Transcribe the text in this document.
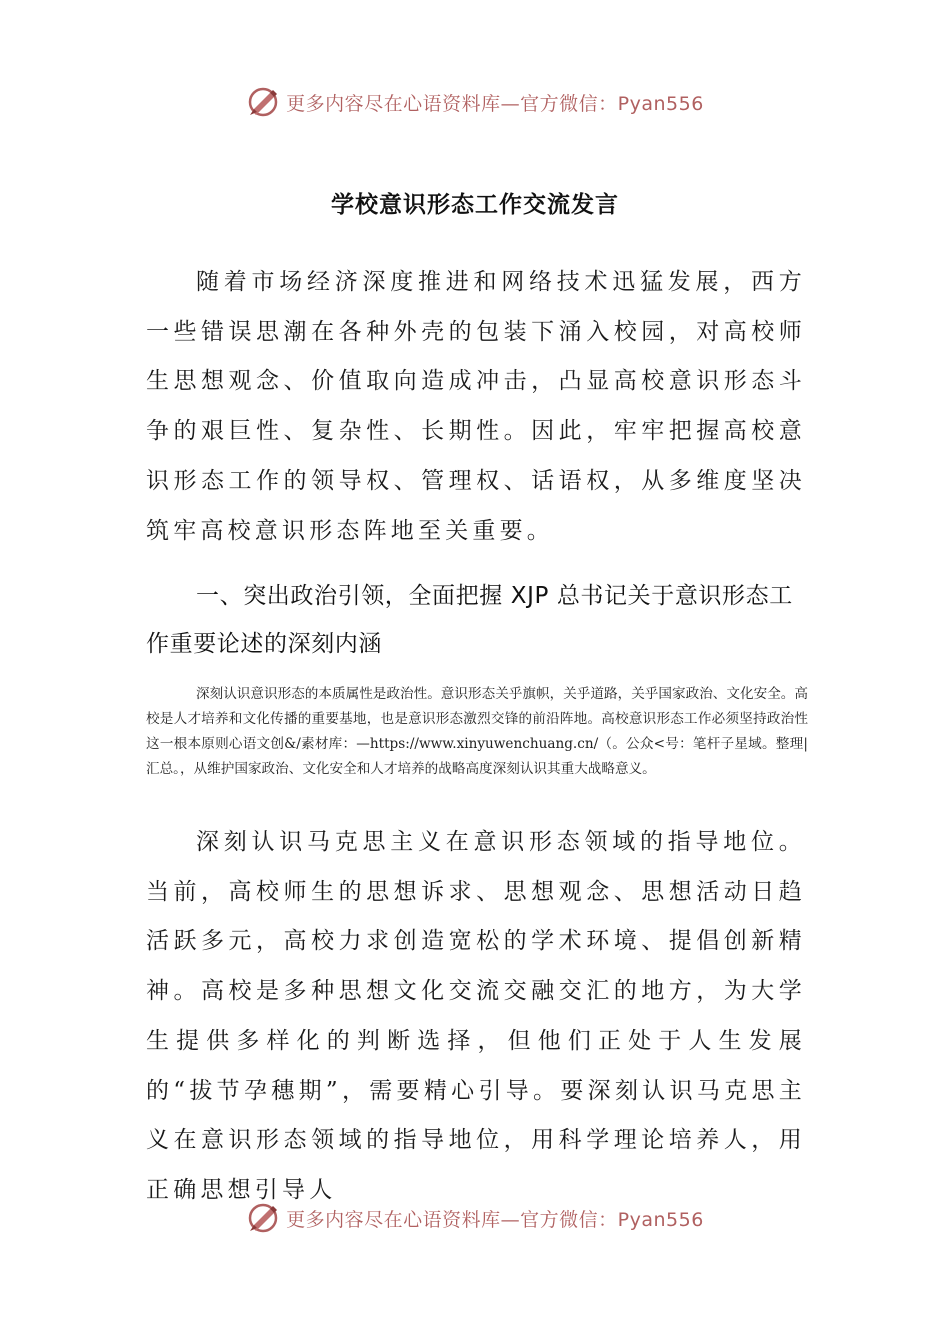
更多内容尽在心语资料库—官方微信：Pyan556
学校意识形态工作交流发言

随着市场经济深度推进和网络技术迅猛发展，西方一些错误思潮在各种外壳的包装下涌入校园，对高校师生思想观念、价值取向造成冲击，凸显高校意识形态斗争的艰巨性、复杂性、长期性。因此，牢牢把握高校意识形态工作的领导权、管理权、话语权，从多维度坚决筑牢高校意识形态阵地至关重要。

一、突出政治引领，全面把握 XJP 总书记关于意识形态工作重要论述的深刻内涵

深刻认识意识形态的本质属性是政治性。意识形态关乎旗帜，关乎道路，关乎国家政治、文化安全。高校是人才培养和文化传播的重要基地，也是意识形态激烈交锋的前沿阵地。高校意识形态工作必须坚持政治性这一根本原则心语文创&/素材库：—https://www.xinyuwenchuang.cn/（。公众<号：笔杆子星域。整理|汇总。，从维护国家政治、文化安全和人才培养的战略高度深刻认识其重大战略意义。

深刻认识马克思主义在意识形态领域的指导地位。当前，高校师生的思想诉求、思想观念、思想活动日趋活跃多元，高校力求创造宽松的学术环境、提倡创新精神。高校是多种思想文化交流交融交汇的地方，为大学生提供多样化的判断选择，但他们正处于人生发展的“拔节孕穗期”，需要精心引导。要深刻认识马克思主义在意识形态领域的指导地位，用科学理论培养人，用正确思想引导人

更多内容尽在心语资料库—官方微信：Pyan556
